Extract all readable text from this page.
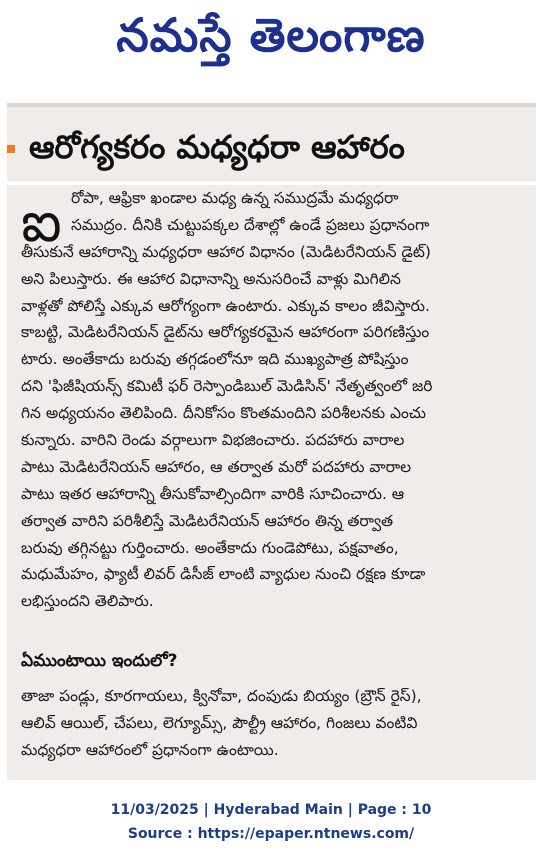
నమస్తే తెలంగాణ
ఆరోగ్యకరం మధ్యధరా ఆహారం
ఐ రోపా, ఆఫ్రికా ఖండాల మధ్య ఉన్న సముద్రమే మధ్యధరా
సముద్రం. దీనికి చుట్టుపక్కల దేశాల్లో ఉండే ప్రజలు ప్రధానంగా
తీసుకునే ఆహారాన్ని మధ్యధరా ఆహార విధానం (మెడిటరేనియన్ డైట్)
అని పిలుస్తారు. ఈ ఆహార విధానాన్ని అనుసరించే వాళ్లు మిగిలిన
వాళ్లతో పోలిస్తే ఎక్కువ ఆరోగ్యంగా ఉంటారు. ఎక్కువ కాలం జీవిస్తారు.
కాబట్టి, మెడిటరేనియన్ డైట్‌ను ఆరోగ్యకరమైన ఆహారంగా పరిగణిస్తుం
టారు. అంతేకాదు బరువు తగ్గడంలోనూ ఇది ముఖ్యపాత్ర పోషిస్తుం
దని 'ఫిజీషియన్స్ కమిటీ ఫర్ రెస్పాండిబుల్ మెడిసిన్' నేతృత్వంలో జరి
గిన అధ్యయనం తెలిపింది. దీనికోసం కొంతమందిని పరిశీలనకు ఎంచు
కున్నారు. వారిని రెండు వర్గాలుగా విభజించారు. పదహారు వారాల
పాటు మెడిటరేనియన్ ఆహారం, ఆ తర్వాత మరో పదహారు వారాల
పాటు ఇతర ఆహారాన్ని తీసుకోవాల్సిందిగా వారికి సూచించారు. ఆ
తర్వాత వారిని పరిశీలిస్తే మెడిటరేనియన్ ఆహారం తిన్న తర్వాత
బరువు తగ్గినట్టు గుర్తించారు. అంతేకాదు గుండెపోటు, పక్షవాతం,
మధుమేహం, ఫ్యాటీ లివర్ డిసీజ్ లాంటి వ్యాధుల నుంచి రక్షణ కూడా
లభిస్తుందని తెలిపారు.
ఏముంటాయి ఇందులో?
తాజా పండ్లు, కూరగాయలు, క్వినోవా, దంపుడు బియ్యం (బ్రౌన్ రైస్),
ఆలివ్ ఆయిల్, చేపలు, లెగ్యూమ్స్, పౌల్ట్రీ ఆహారం, గింజలు వంటివి
మధ్యధరా ఆహారంలో ప్రధానంగా ఉంటాయి.
11/03/2025 | Hyderabad Main | Page : 10
Source : https://epaper.ntnews.com/
